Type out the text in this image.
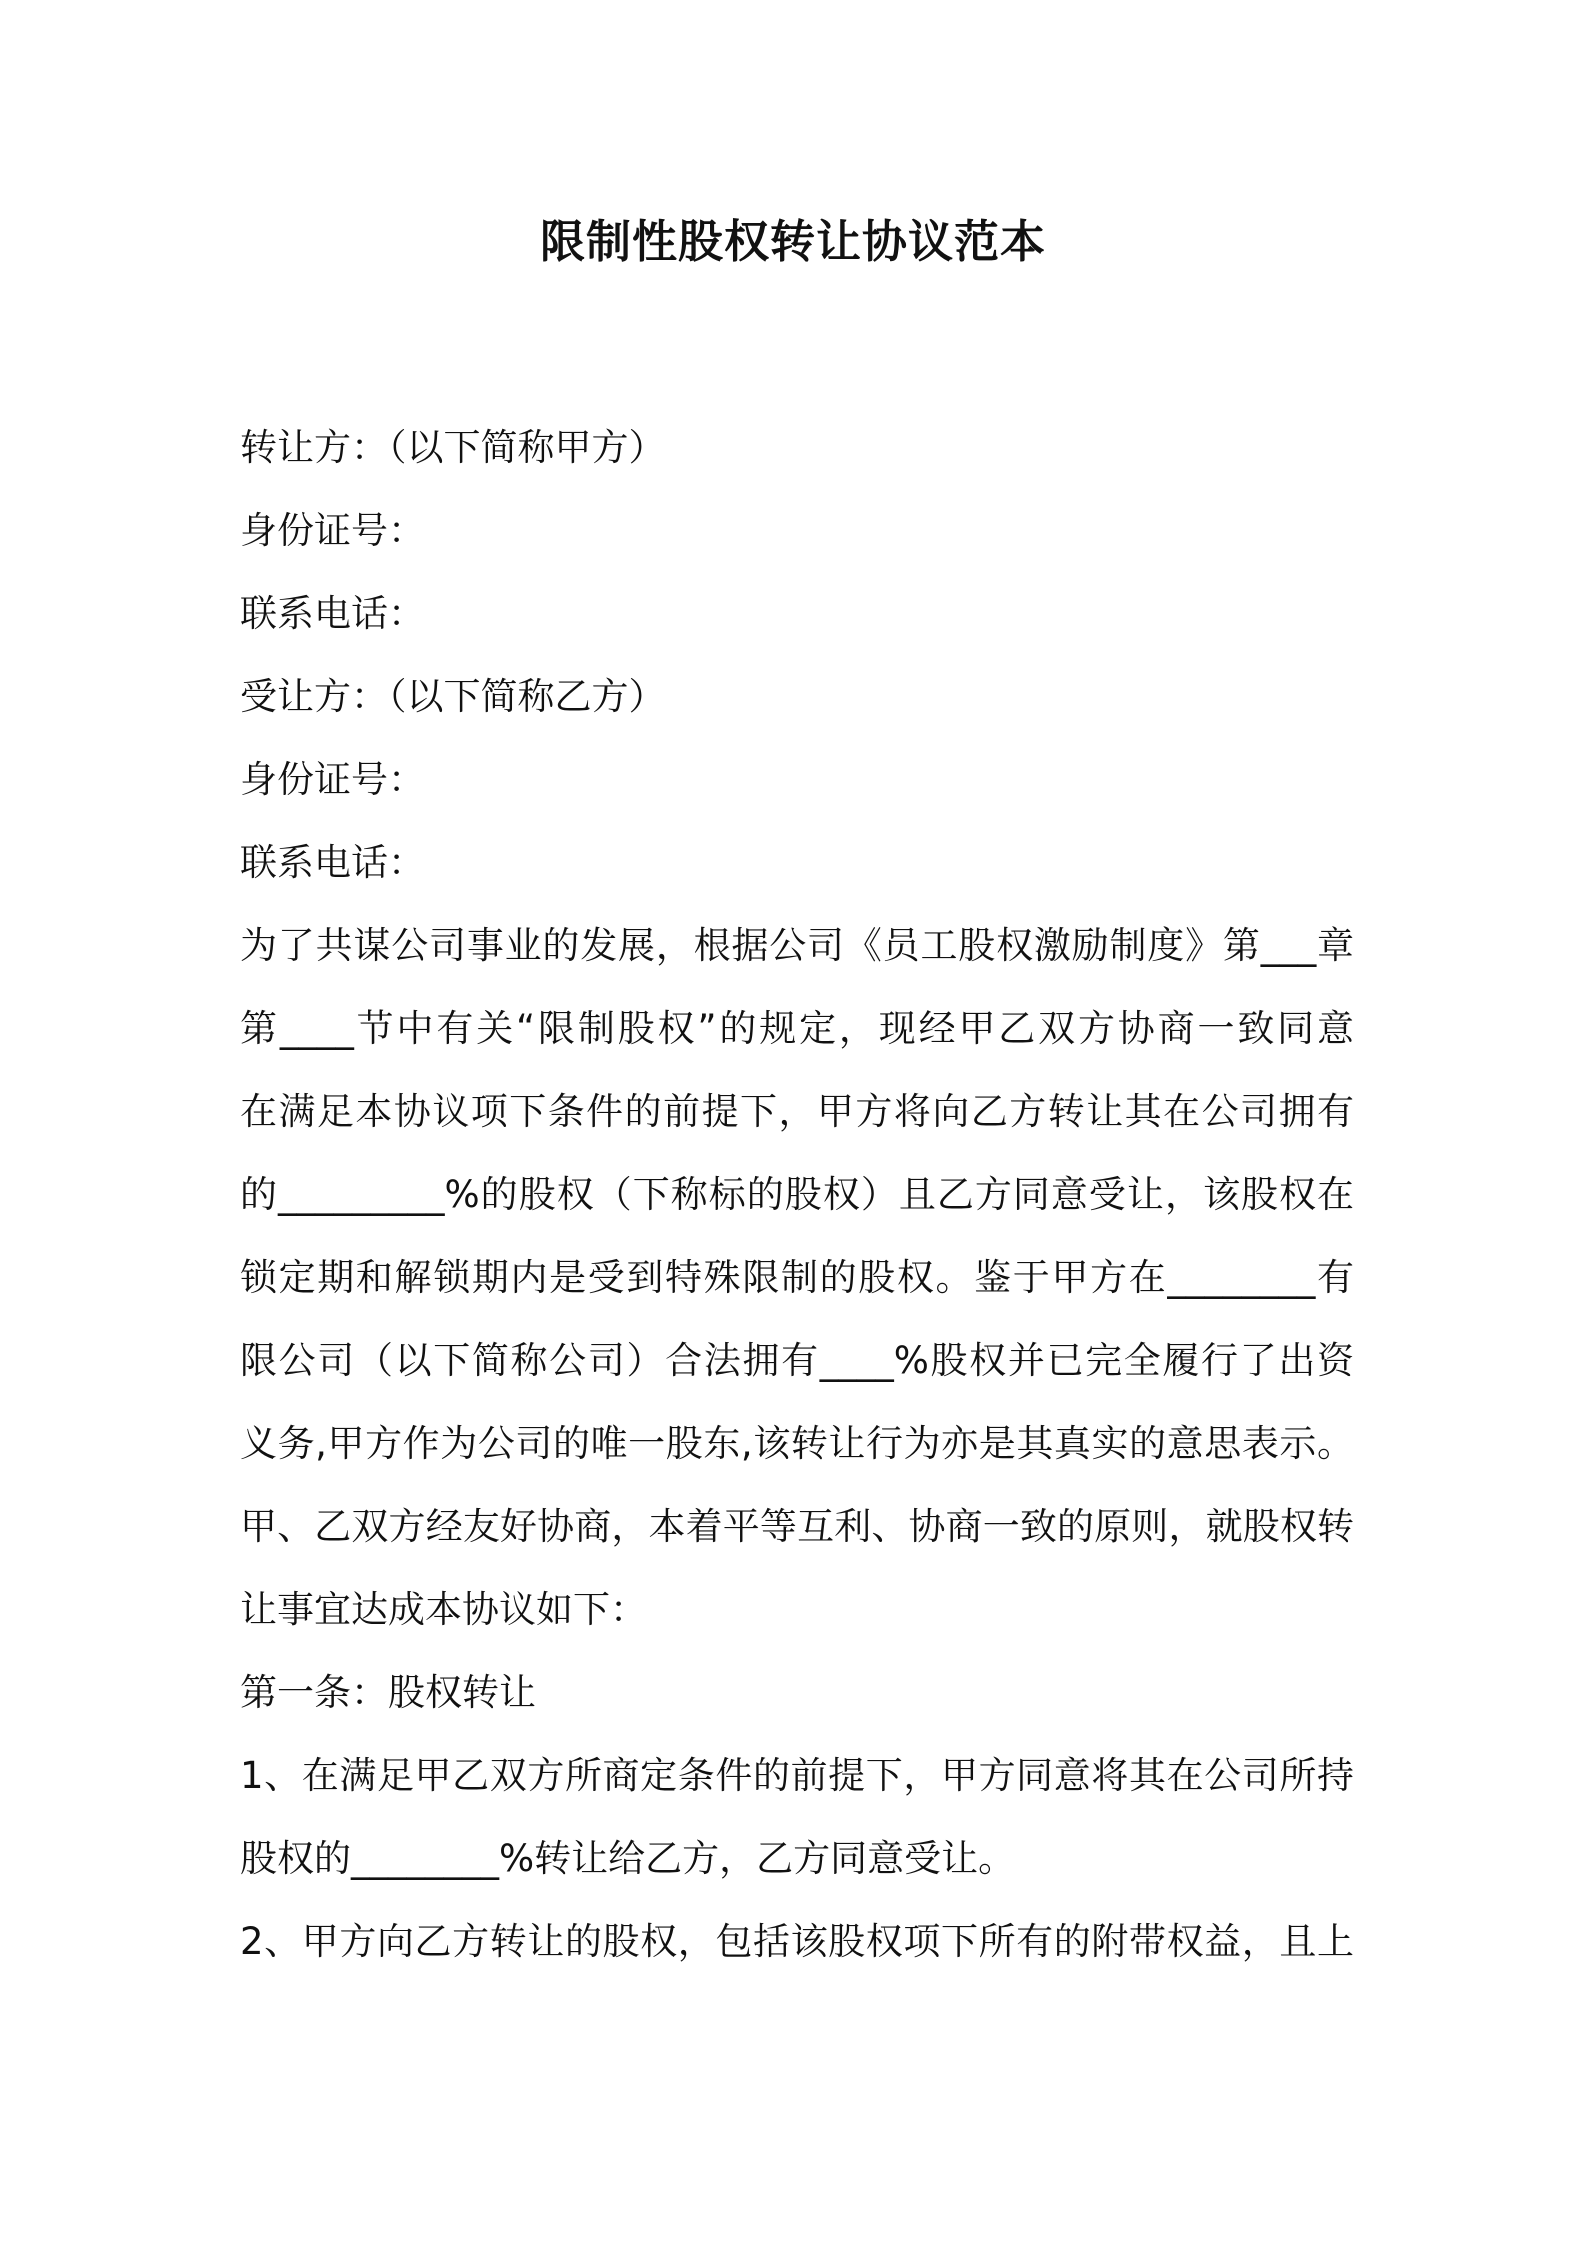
限制性股权转让协议范本
转让方：（以下简称甲方）
身份证号：
联系电话：
受让方：（以下简称乙方）
身份证号：
联系电话：
为了共谋公司事业的发展，根据公司《员工股权激励制度》第___章
第____节中有关“限制股权”的规定，现经甲乙双方协商一致同意
在满足本协议项下条件的前提下，甲方将向乙方转让其在公司拥有
的_________%的股权（下称标的股权）且乙方同意受让，该股权在
锁定期和解锁期内是受到特殊限制的股权。鉴于甲方在________有
限公司（以下简称公司）合法拥有____%股权并已完全履行了出资
义务,甲方作为公司的唯一股东,该转让行为亦是其真实的意思表示。
甲、乙双方经友好协商，本着平等互利、协商一致的原则，就股权转
让事宜达成本协议如下：
第一条：股权转让
1、在满足甲乙双方所商定条件的前提下，甲方同意将其在公司所持
股权的________%转让给乙方，乙方同意受让。
2、甲方向乙方转让的股权，包括该股权项下所有的附带权益，且上
